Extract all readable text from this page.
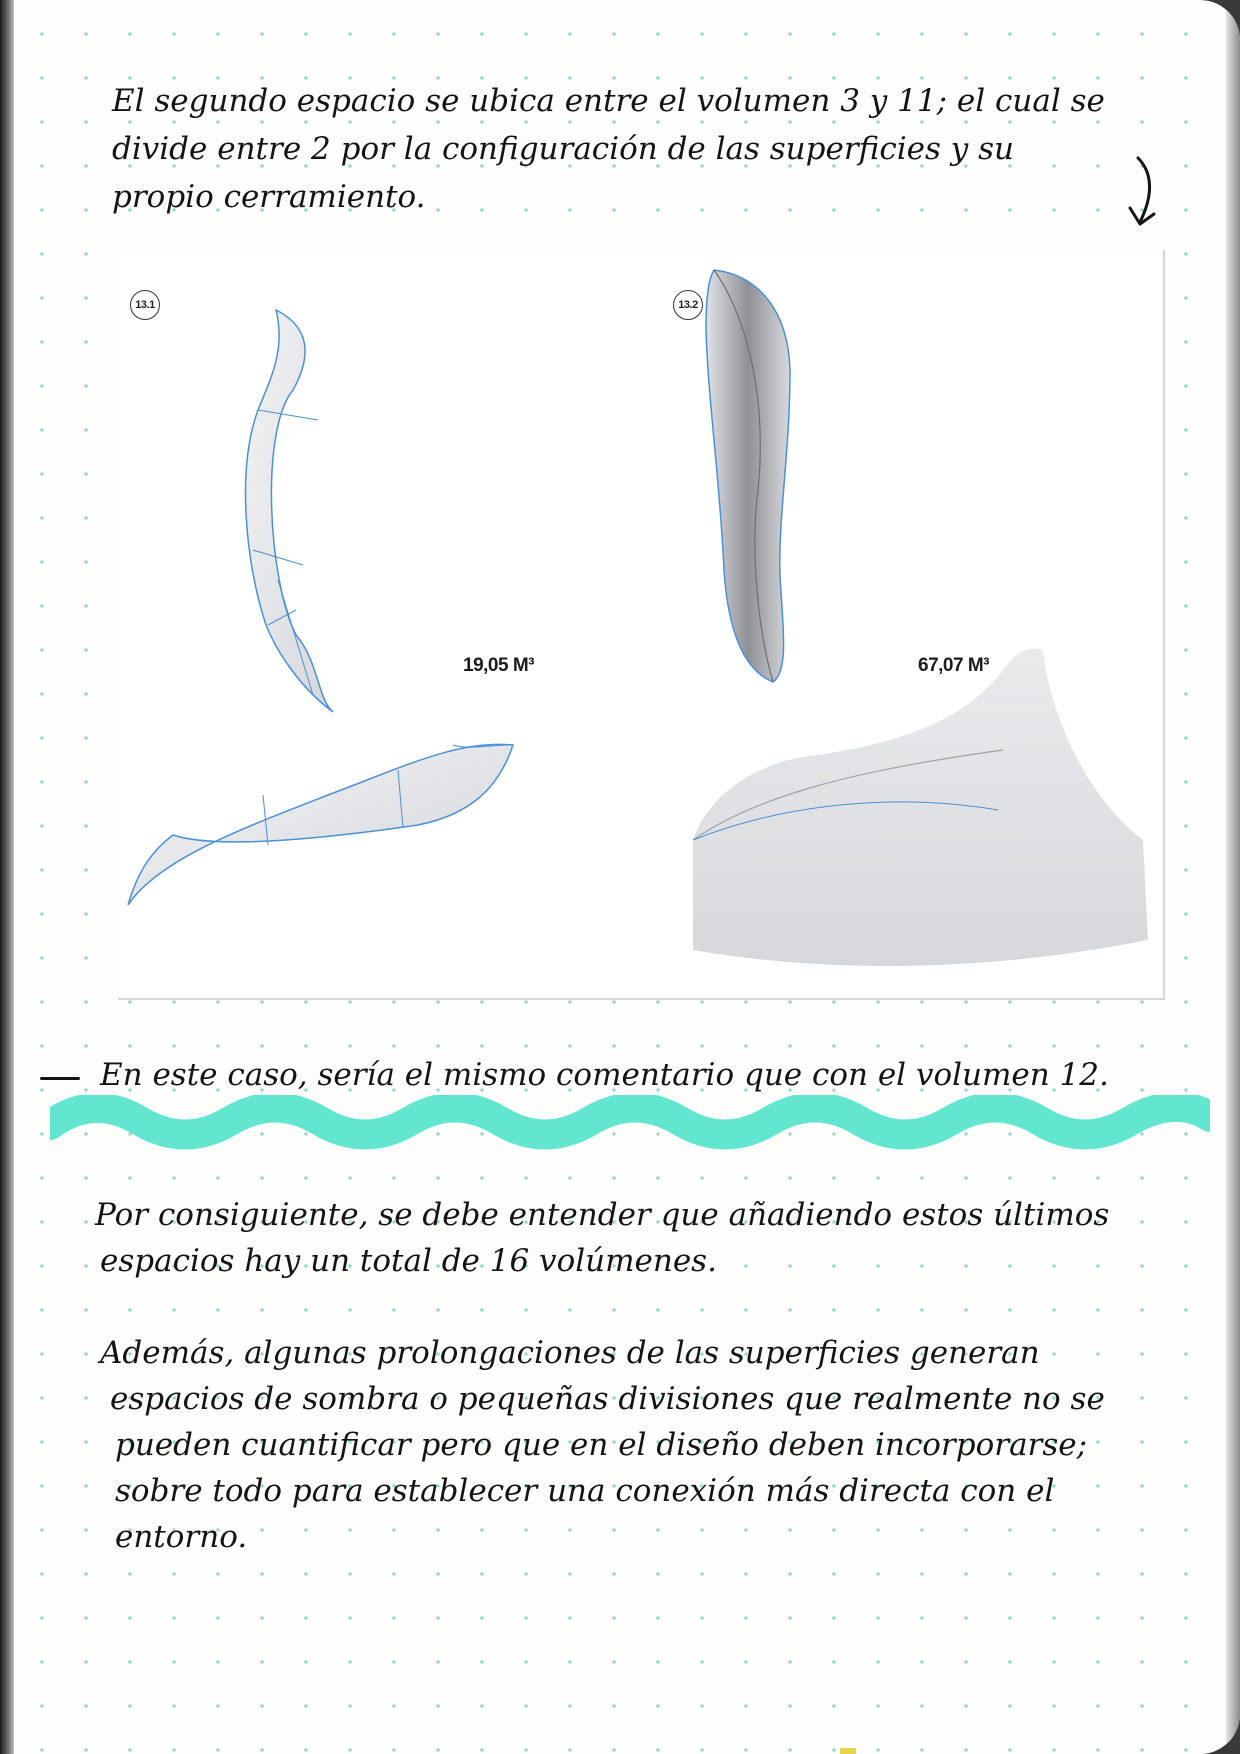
El segundo espacio se ubica entre el volumen 3 y 11; el cual se

divide entre 2 por la configuración de las superficies y su

propio cerramiento.

13.1
19,05 M³
13.2
67,07 M³

En este caso, sería el mismo comentario que con el volumen 12.

Por consiguiente, se debe entender que añadiendo estos últimos

espacios hay un total de 16 volúmenes.

Además, algunas prolongaciones de las superficies generan

espacios de sombra o pequeñas divisiones que realmente no se

pueden cuantificar pero que en el diseño deben incorporarse;

sobre todo para establecer una conexión más directa con el

entorno.
